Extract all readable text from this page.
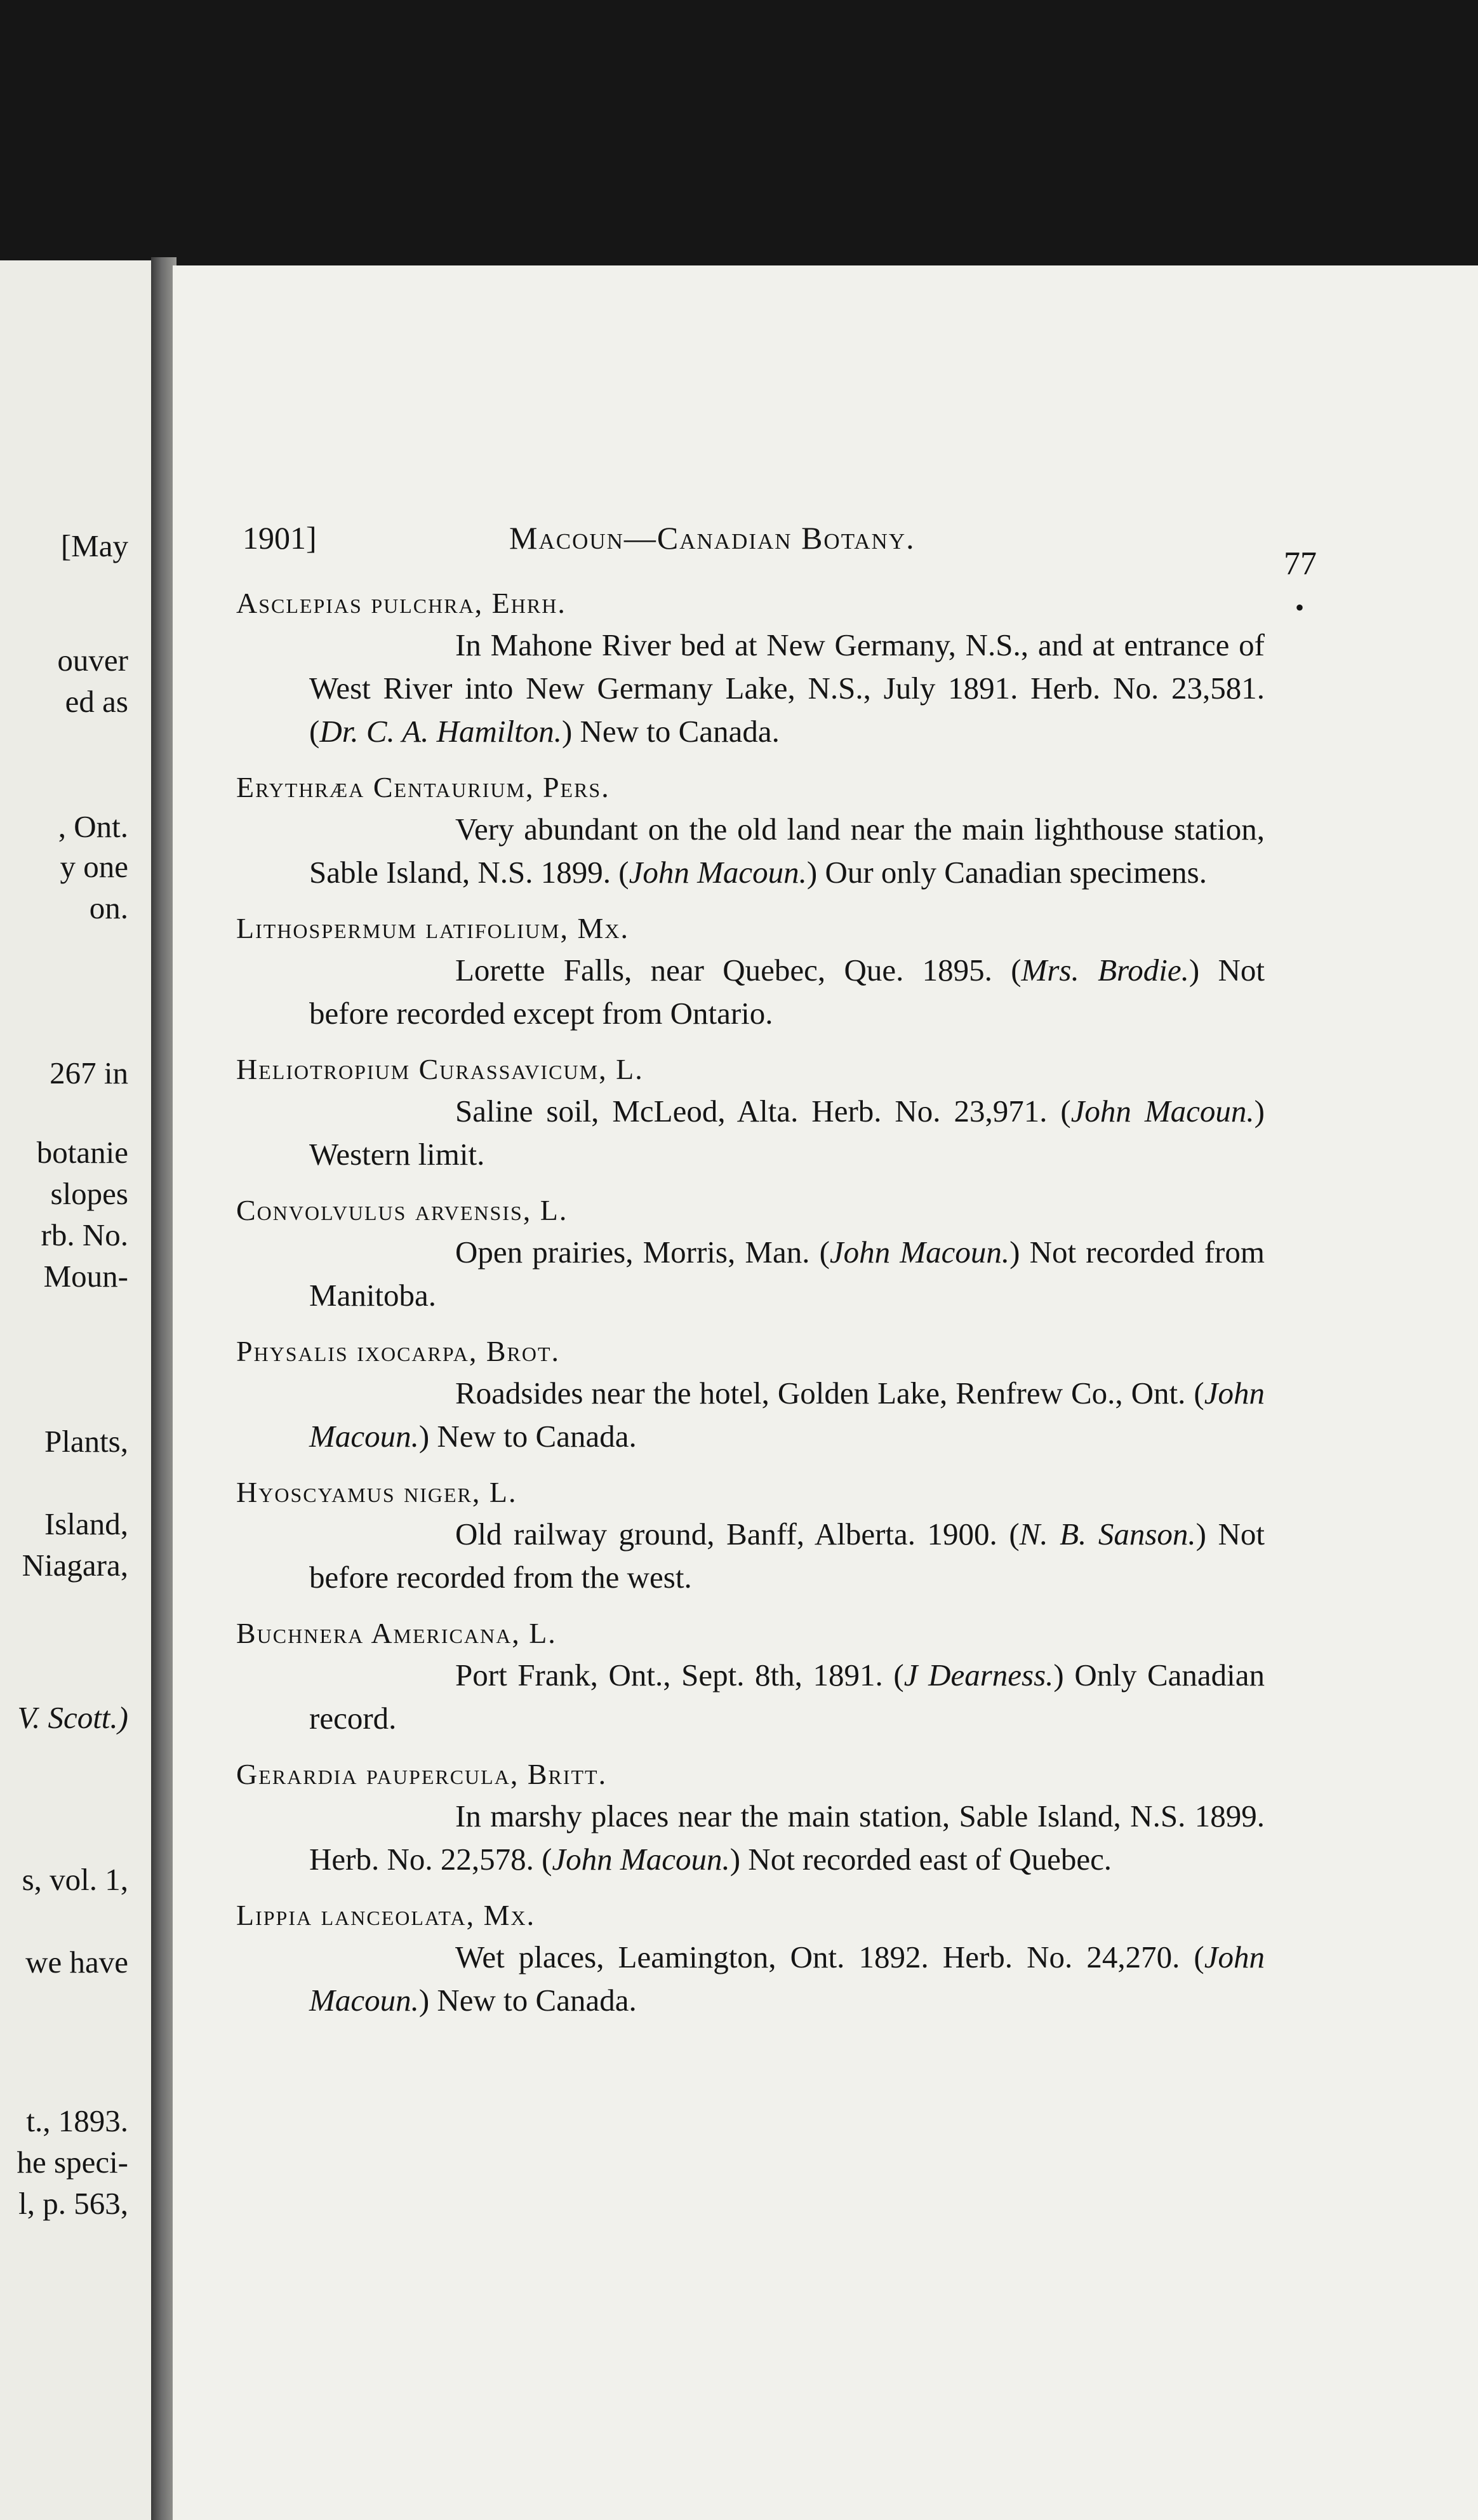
[May
ouver
ed as
, Ont.
y one
on.
267 in
botanie
slopes
rb. No.
Moun-
Plants,
Island,
Niagara,
V. Scott.)
s, vol. 1,
we have
t., 1893.
he speci-
l, p. 563,
1901]	Macoun—Canadian Botany.
77
•
Asclepias pulchra, Ehrh.
In Mahone River bed at New Germany, N.S., and at entrance of West River into New Germany Lake, N.S., July 1891. Herb. No. 23,581. (Dr. C. A. Hamilton.) New to Canada.
Erythræa Centaurium, Pers.
Very abundant on the old land near the main lighthouse station, Sable Island, N.S. 1899. (John Macoun.) Our only Canadian specimens.
Lithospermum latifolium, Mx.
Lorette Falls, near Quebec, Que. 1895. (Mrs. Brodie.) Not before recorded except from Ontario.
Heliotropium Curassavicum, L.
Saline soil, McLeod, Alta. Herb. No. 23,971. (John Macoun.) Western limit.
Convolvulus arvensis, L.
Open prairies, Morris, Man. (John Macoun.) Not recorded from Manitoba.
Physalis ixocarpa, Brot.
Roadsides near the hotel, Golden Lake, Renfrew Co., Ont. (John Macoun.) New to Canada.
Hyoscyamus niger, L.
Old railway ground, Banff, Alberta. 1900. (N. B. Sanson.) Not before recorded from the west.
Buchnera Americana, L.
Port Frank, Ont., Sept. 8th, 1891. (J Dearness.) Only Canadian record.
Gerardia paupercula, Britt.
In marshy places near the main station, Sable Island, N.S. 1899. Herb. No. 22,578. (John Macoun.) Not recorded east of Quebec.
Lippia lanceolata, Mx.
Wet places, Leamington, Ont. 1892. Herb. No. 24,270. (John Macoun.) New to Canada.
